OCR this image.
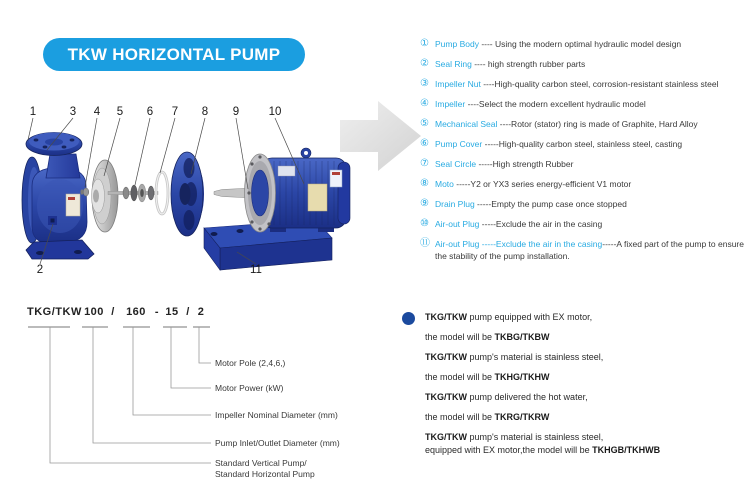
TKW HORIZONTAL PUMP
1
2
3 4 5 6 7 8 9	10
11
① Pump Body ---- Using the modern optimal hydraulic model design
② Seal Ring ---- high strength rubber parts
③ Impeller Nut ----High-quality carbon steel, corrosion-resistant stainless steel
④ Impeller ----Select the modern excellent hydraulic model
⑤ Mechanical Seal ----Rotor (stator) ring is made of Graphite, Hard Alloy
⑥ Pump Cover -----High-quality carbon steel, stainless steel, casting
⑦ Seal Circle -----High strength Rubber
⑧ Moto -----Y2 or YX3 series energy-efficient V1 motor
⑨ Drain Plug -----Empty the pump case once stopped
⑩ Air-out Plug -----Exclude the air in the casing
⑪ Air-out Plug -----Exclude the air in the casing-----A fixed part of the pump to ensure the stability of the pump installation.
TKG/TKW 100 / 160 - 15 / 2
Motor Pole (2,4,6,)
Motor Power (kW)
Impeller Nominal Diameter (mm)
Pump Inlet/Outlet Diameter (mm)
Standard Vertical Pump/
Standard Horizontal Pump
TKG/TKW pump equipped with EX motor,
the model will be TKBG/TKBW
TKG/TKW pump's material is stainless steel,
the model will be TKHG/TKHW
TKG/TKW pump delivered the hot water,
the model will be TKRG/TKRW
TKG/TKW pump's material is stainless steel,
equipped with EX motor,the model will be TKHGB/TKHWB
